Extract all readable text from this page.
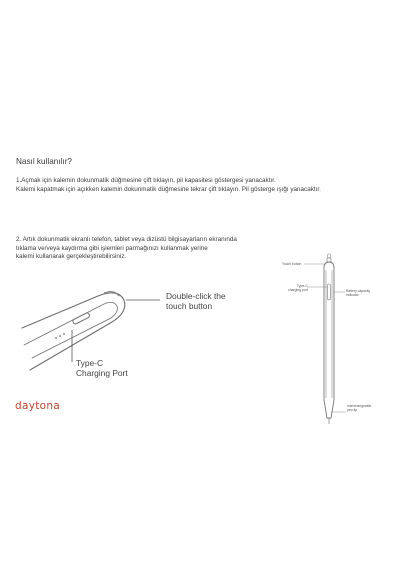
Nasıl kullanılır?
1.Açmak için kalemin dokunmatik düğmesine çift tıklayın, pil kapasitesi göstergesi yanacaktır.
Kalemi kapatmak için açıkken kalemin dokunmatik düğmesine tekrar çift tıklayın. Pil gösterge ışığı yanacaktır.
2. Artık dokunmatik ekranlı telefon, tablet veya dizüstü bilgisayarların ekranında
tıklama ve/veya kaydırma gibi işlemleri parmağınızı kullanmak yerine
kalemi kullanarak gerçekleştirebilirsiniz.
Double-click the
touch button
Type-C
Charging Port
Touch button
Type-C
charging port	Battery capacity
indicator
Interchangeable
pen tip
daytona
